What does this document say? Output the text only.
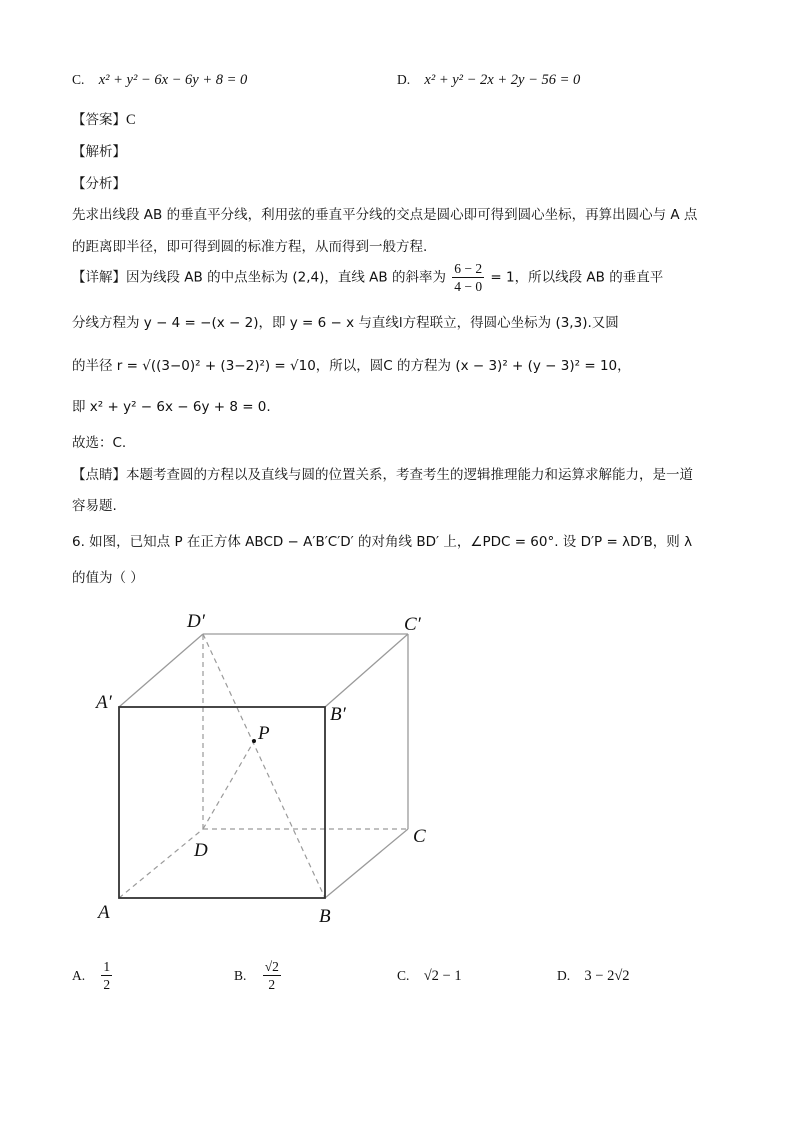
C. x² + y² − 6x − 6y + 8 = 0	D. x² + y² − 2x + 2y − 56 = 0
【答案】C
【解析】
【分析】
先求出线段 AB 的垂直平分线，利用弦的垂直平分线的交点是圆心即可得到圆心坐标，再算出圆心与 A 点
的距离即半径，即可得到圆的标准方程，从而得到一般方程.
【详解】因为线段 AB 的中点坐标为 (2,4)，直线 AB 的斜率为 $\frac{6 - 2}{4 - 0} = 1$，所以线段 AB 的垂直平
分线方程为 y − 4 = −(x − 2)，即 y = 6 − x 与直线l方程联立，得圆心坐标为 (3,3).又圆
的半径 r = √((3−0)² + (3−2)²) = √10，所以，圆C 的方程为 (x − 3)² + (y − 3)² = 10，
即 x² + y² − 6x − 6y + 8 = 0.
故选：C.
【点睛】本题考查圆的方程以及直线与圆的位置关系，考查考生的逻辑推理能力和运算求解能力，是一道
容易题.
6. 如图，已知点 P 在正方体 ABCD − A′B′C′D′ 的对角线 BD′ 上，∠PDC = 60°. 设 D′P = λD′B，则 λ
的值为（ ）
D′	C′
A′
B′
P
D
C
A	B
A. $\frac{1}{2}$	B. $\frac{√2}{2}$	C. √2 − 1	D. 3 − 2√2
